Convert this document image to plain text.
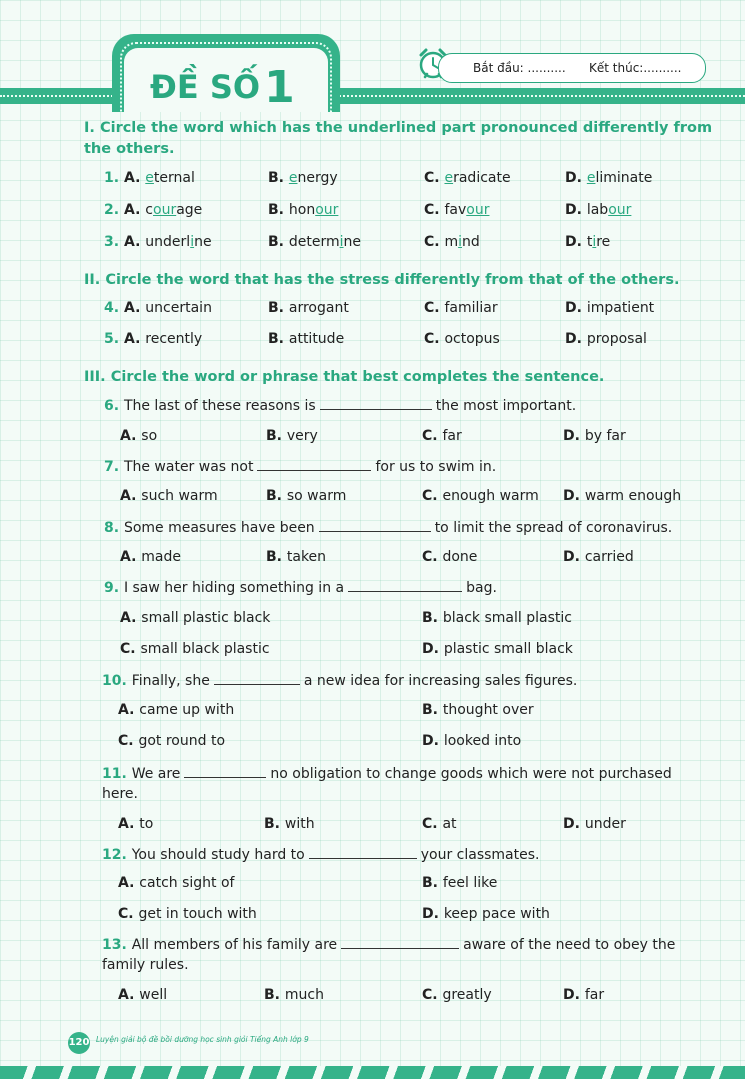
ĐỀ SỐ1	Bắt đầu: .......... Kết thúc:..........
I. Circle the word which has the underlined part pronounced differently from the others.
II. Circle the word that has the stress differently from that of the others.
III. Circle the word or phrase that best completes the sentence.
1. A. eternal	B. energy	C. eradicate	D. eliminate
2. A. courage	B. honour	C. favour	D. labour
3. A. underline	B. determine	C. mind	D. tire
4. A. uncertain	B. arrogant	C. familiar	D. impatient
5. A. recently	B. attitude	C. octopus	D. proposal
6. The last of these reasons is	the most important.
A. so	B. very	C. far	D. by far
7. The water was not	for us to swim in.
A. such warm	B. so warm	C. enough warm D. warm enough
8. Some measures have been	to limit the spread of coronavirus.
A. made	B. taken	C. done	D. carried
9. I saw her hiding something in a	bag.
A. small plastic black	B. black small plastic
C. small black plastic	D. plastic small black
10. Finally, she	a new idea for increasing sales figures.
A. came up with	B. thought over
C. got round to	D. looked into
11. We are	no obligation to change goods which were not purchased
here.
A. to	B. with	C. at	D. under
12. You should study hard to	your classmates.
A. catch sight of	B. feel like
C. get in touch with	D. keep pace with
13. All members of his family are	aware of the need to obey the
family rules.
A. well	B. much	C. greatly	D. far
120 Luyện giải bộ đề bồi dưỡng học sinh giỏi Tiếng Anh lớp 9
